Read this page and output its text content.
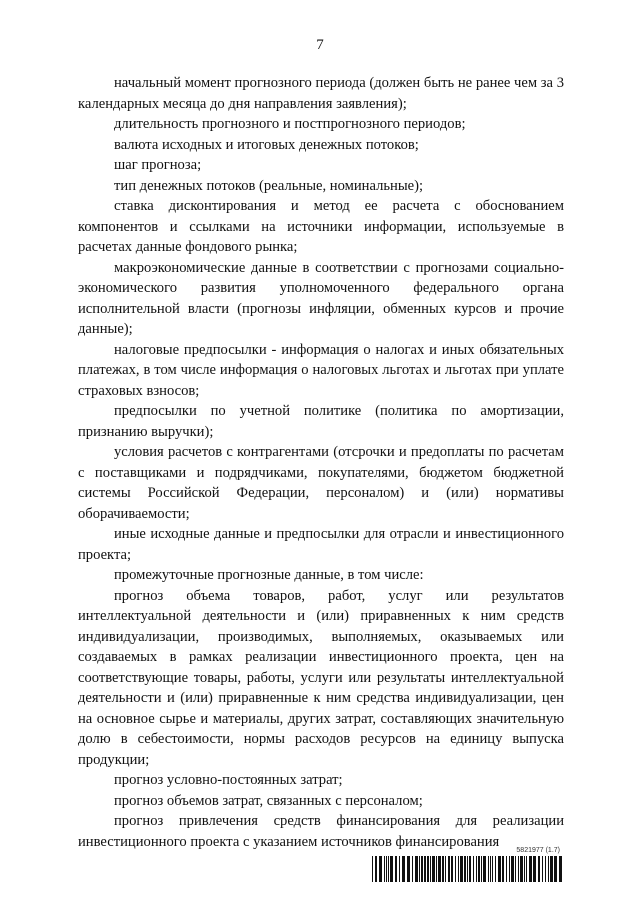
7

начальный момент прогнозного периода (должен быть не ранее чем за 3 календарных месяца до дня направления заявления);

длительность прогнозного и постпрогнозного периодов;

валюта исходных и итоговых денежных потоков;

шаг прогноза;

тип денежных потоков (реальные, номинальные);

ставка дисконтирования и метод ее расчета с обоснованием компонентов и ссылками на источники информации, используемые в расчетах данные фондового рынка;

макроэкономические данные в соответствии с прогнозами социально-экономического развития уполномоченного федерального органа исполнительной власти (прогнозы инфляции, обменных курсов и прочие данные);

налоговые предпосылки - информация о налогах и иных обязательных платежах, в том числе информация о налоговых льготах и льготах при уплате страховых взносов;

предпосылки по учетной политике (политика по амортизации, признанию выручки);

условия расчетов с контрагентами (отсрочки и предоплаты по расчетам с поставщиками и подрядчиками, покупателями, бюджетом бюджетной системы Российской Федерации, персоналом) и (или) нормативы оборачиваемости;

иные исходные данные и предпосылки для отрасли и инвестиционного проекта;

промежуточные прогнозные данные, в том числе:

прогноз объема товаров, работ, услуг или результатов интеллектуальной деятельности и (или) приравненных к ним средств индивидуализации, производимых, выполняемых, оказываемых или создаваемых в рамках реализации инвестиционного проекта, цен на соответствующие товары, работы, услуги или результаты интеллектуальной деятельности и (или) приравненные к ним средства индивидуализации, цен на основное сырье и материалы, других затрат, составляющих значительную долю в себестоимости, нормы расходов ресурсов на единицу выпуска продукции;

прогноз условно-постоянных затрат;

прогноз объемов затрат, связанных с персоналом;

прогноз привлечения средств финансирования для реализации инвестиционного проекта с указанием источников финансирования

5821977 (1.7)
